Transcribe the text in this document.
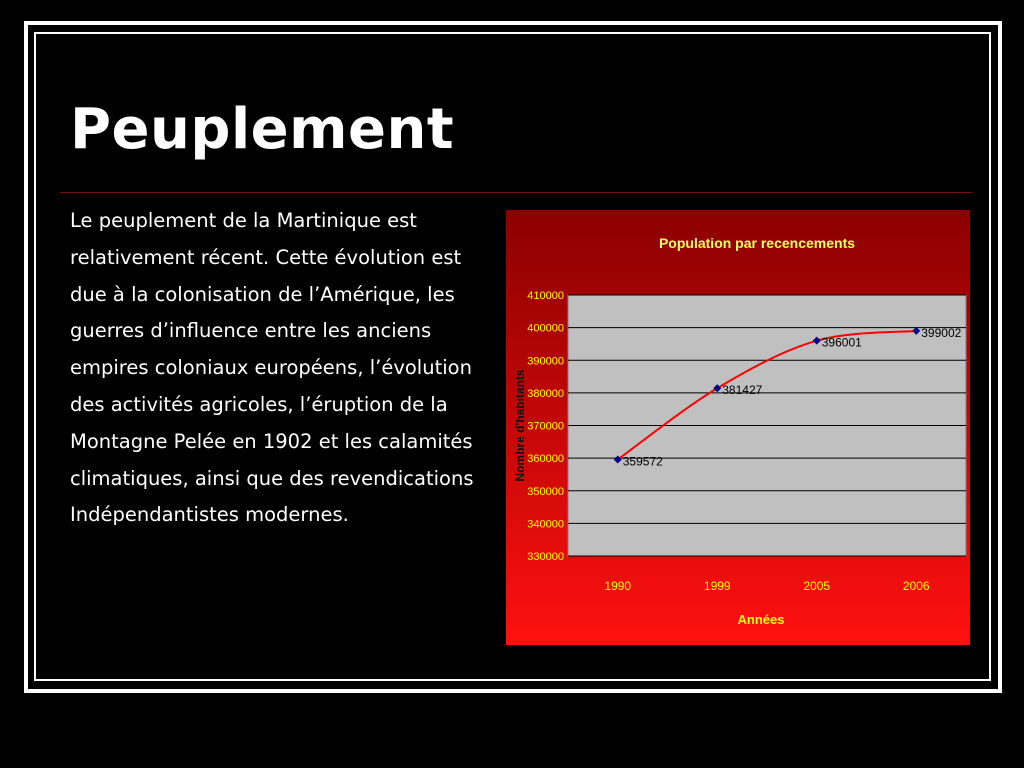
Peuplement
Le peuplement de la Martinique est relativement récent. Cette évolution est due à la colonisation de l’Amérique, les guerres d’influence entre les anciens empires coloniaux européens, l’évolution des activités agricoles, l’éruption de la Montagne Pelée en 1902 et les calamités climatiques, ainsi que des revendications Indépendantistes modernes.
330000
340000
350000
360000
370000
380000
390000
400000
410000
1990	1999	2005	2006
Population par recencements
Années
Nombre d'habitants	359572
381427
396001
399002
